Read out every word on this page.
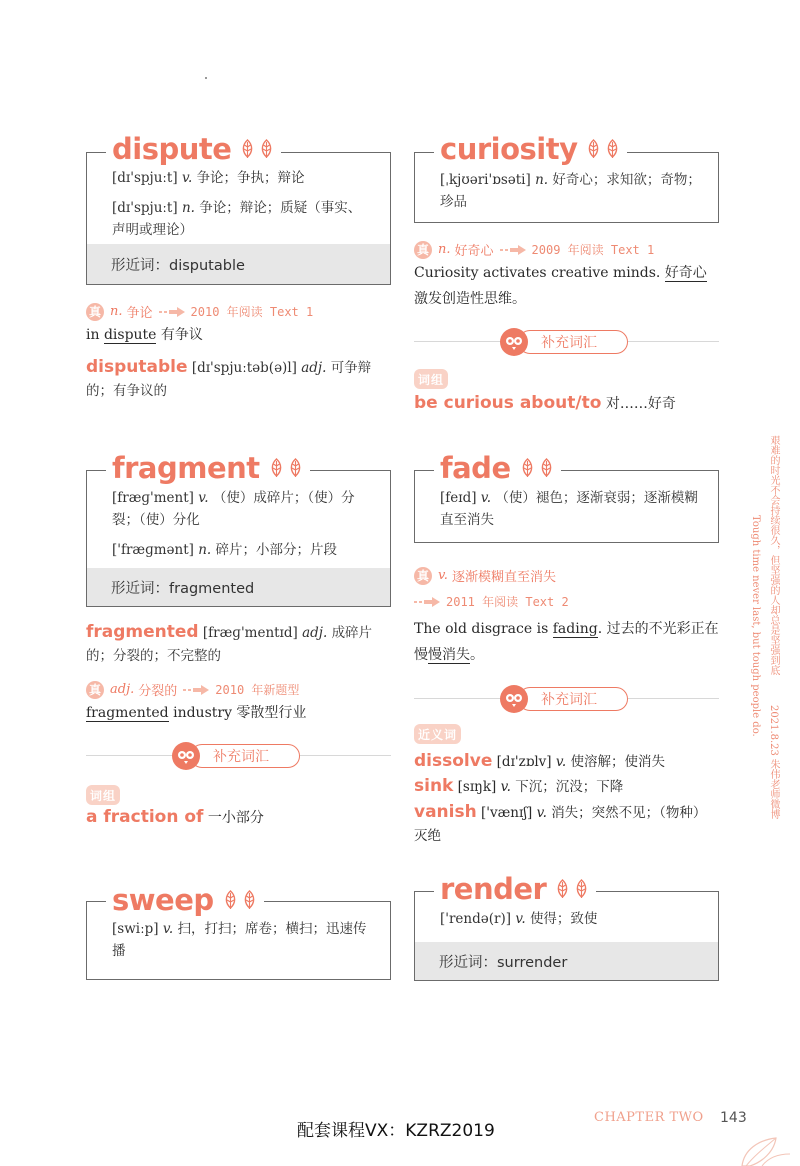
[dɪ'spjuːt] v. 争论；争执；辩论
[dɪ'spjuːt] n. 争论；辩论；质疑（事实、声明或理论）
形近词：disputable
dispute
真 n. 争论	2010 年阅读 Text 1
in dispute 有争议
disputable [dɪ'spjuːtəb(ə)l] adj. 可争辩的；有争议的
[fræɡ'ment] v. （使）成碎片；（使）分裂；（使）分化
['fræɡmənt] n. 碎片；小部分；片段
形近词：fragmented
fragment
fragmented [fræɡ'mentɪd] adj. 成碎片的；分裂的；不完整的
真 adj. 分裂的	2010 年新题型
fragmented industry 零散型行业
补充词汇
词组
a fraction of 一小部分
[swiːp] v. 扫，打扫；席卷；横扫；迅速传播
sweep
[ˌkjʊəri'ɒsəti] n. 好奇心；求知欲；奇物；珍品
curiosity
真 n. 好奇心	2009 年阅读 Text 1
Curiosity activates creative minds. 好奇心激发创造性思维。
补充词汇
词组
be curious about/to 对……好奇
[feɪd] v. （使）褪色；逐渐衰弱；逐渐模糊直至消失
fade
真 v. 逐渐模糊直至消失
2011 年阅读 Text 2
The old disgrace is fading. 过去的不光彩正在慢慢消失。
补充词汇
近义词
dissolve [dɪ'zɒlv] v. 使溶解；使消失
sink [sɪŋk] v. 下沉；沉没；下降
vanish ['vænɪʃ] v. 消失；突然不见；（物种）灭绝
['rendə(r)] v. 使得；致使
形近词：surrender
render
艰难的时光不会持续很久，但坚强的人却总是坚强到底
2021.8.23 朱伟老师微博
Tough time never last, but tough people do.
配套课程VX：KZRZ2019
CHAPTER TWO 143
